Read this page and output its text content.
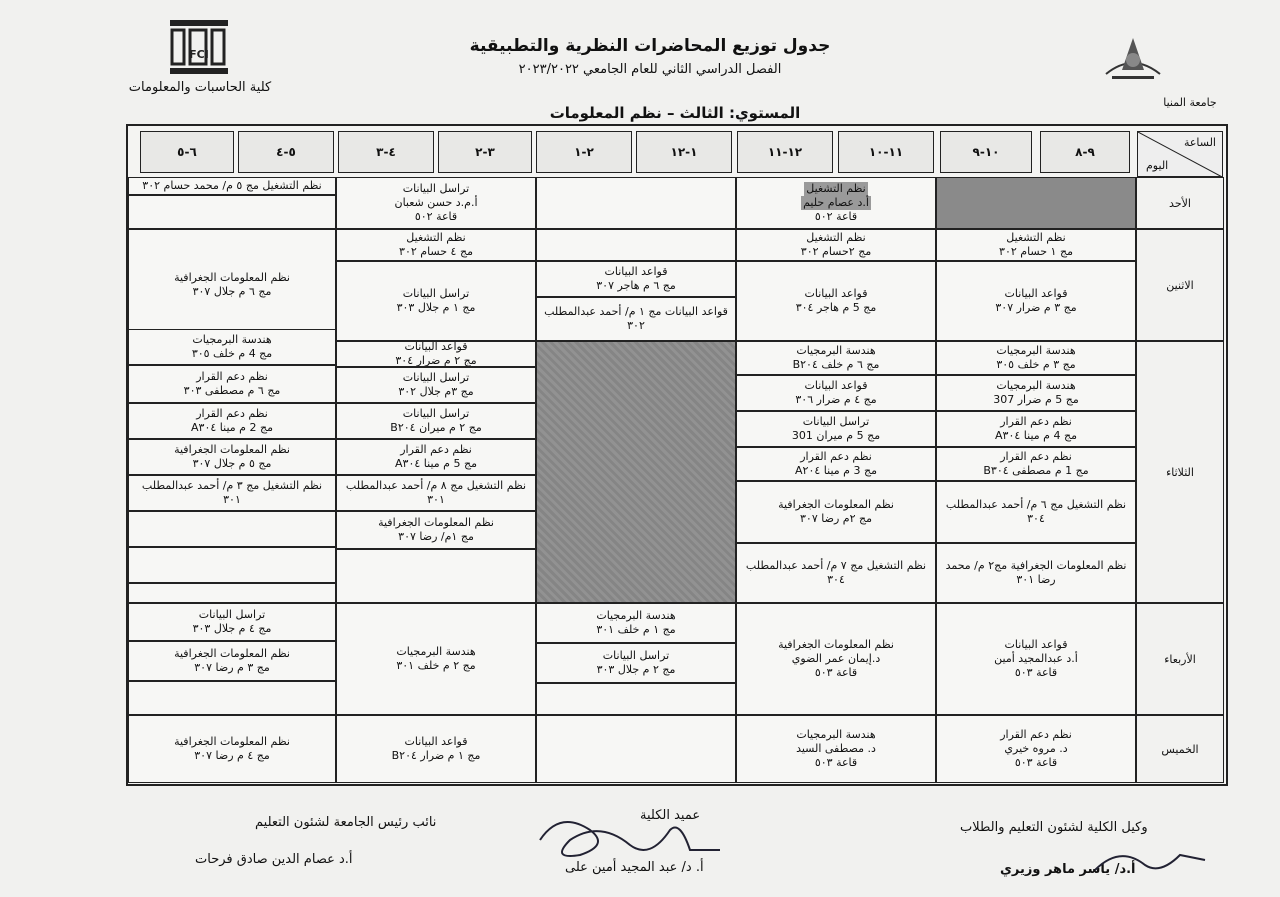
FCI	جدول توزيع المحاضرات النظرية والتطبيقية
الفصل الدراسي الثاني للعام الجامعي ٢٠٢٣/٢٠٢٢
كلية الحاسبات والمعلومات
جامعة المنيا
المستوي: الثالث – نظم المعلومات
الساعة
اليوم
٩-٨
١٠-٩
١١-١٠
١٢-١١
١-١٢
٢-١
٣-٢
٤-٣
٥-٤
٦-٥
الأحد
الاثنين
الثلاثاء
الأربعاء
الخميس
نظم التشغيل
أ.د عصام حليم
قاعة ٥٠٢
تراسل البيانات
أ.م.د حسن شعبان
قاعة ٥٠٢
نظم التشغيل مج ٥ م/ محمد حسام ٣٠٢
نظم التشغيل
مج ١ حسام ٣٠٢
قواعد البيانات
مج ٣ م ضرار ٣٠٧
نظم التشغيل
مج ٢حسام ٣٠٢
قواعد البيانات
مج 5 م هاجر ٣٠٤
قواعد البيانات
مج ٦ م هاجر ٣٠٧
قواعد البيانات مج ١ م/ أحمد عبدالمطلب
٣٠٢
نظم التشغيل
مج ٤ حسام ٣٠٢
تراسل البيانات
مج ١ م جلال ٣٠٣
نظم المعلومات الجغرافية
مج ٦ م جلال ٣٠٧
هندسة البرمجيات
مج ٣ م خلف ٣٠٥
هندسة البرمجيات
مج 5 م ضرار 307
نظم دعم القرار
مج 4 م مينا A٣٠٤
نظم دعم القرار
مج 1 م مصطفى B٣٠٤
نظم التشغيل مج ٦ م/ أحمد عبدالمطلب
٣٠٤
نظم المعلومات الجغرافية مج٢ م/ محمد
رضا ٣٠١
هندسة البرمجيات
مج ٦ م خلف B٢٠٤
قواعد البيانات
مج ٤ م ضرار ٣٠٦
تراسل البيانات
مج 5 م ميران 301
نظم دعم القرار
مج 3 م مينا A٢٠٤
نظم المعلومات الجغرافية
مج ٢م رضا ٣٠٧
نظم التشغيل مج ٧ م/ أحمد عبدالمطلب
٣٠٤
قواعد البيانات
مج ٢ م ضرار ٣٠٤
تراسل البيانات
مج ٣م جلال ٣٠٢
تراسل البيانات
مج ٢ م ميران B٢٠٤
نظم دعم القرار
مج 5 م مينا A٣٠٤
نظم التشغيل مج ٨ م/ أحمد عبدالمطلب
٣٠١
نظم المعلومات الجغرافية
مج ١م/ رضا ٣٠٧
هندسة البرمجيات
مج 4 م خلف ٣٠٥
نظم دعم القرار
مج ٦ م مصطفى ٣٠٣
نظم دعم القرار
مج 2 م مينا A٣٠٤
نظم المعلومات الجغرافية
مج ٥ م جلال ٣٠٧
نظم التشغيل مج ٣ م/ أحمد عبدالمطلب
٣٠١
قواعد البيانات
أ.د عبدالمجيد أمين
قاعة ٥٠٣
نظم المعلومات الجغرافية
د.إيمان عمر الضوي
قاعة ٥٠٣
هندسة البرمجيات
مج ١ م خلف ٣٠١
تراسل البيانات
مج ٢ م جلال ٣٠٣
هندسة البرمجيات
مج ٢ م خلف ٣٠١
تراسل البيانات
مج ٤ م جلال ٣٠٣
نظم المعلومات الجغرافية
مج ٣ م رضا ٣٠٧
نظم دعم القرار
د. مروه خيري
قاعة ٥٠٣
هندسة البرمجيات
د. مصطفى السيد
قاعة ٥٠٣
قواعد البيانات
مج ١ م ضرار B٢٠٤
نظم المعلومات الجغرافية
مج ٤ م رضا ٣٠٧
وكيل الكلية لشئون التعليم والطلاب
أ.د/ ياسر ماهر وزيري
عميد الكلية
أ. د/ عبد المجيد أمين على
نائب رئيس الجامعة لشئون التعليم
أ.د عصام الدين صادق فرحات
